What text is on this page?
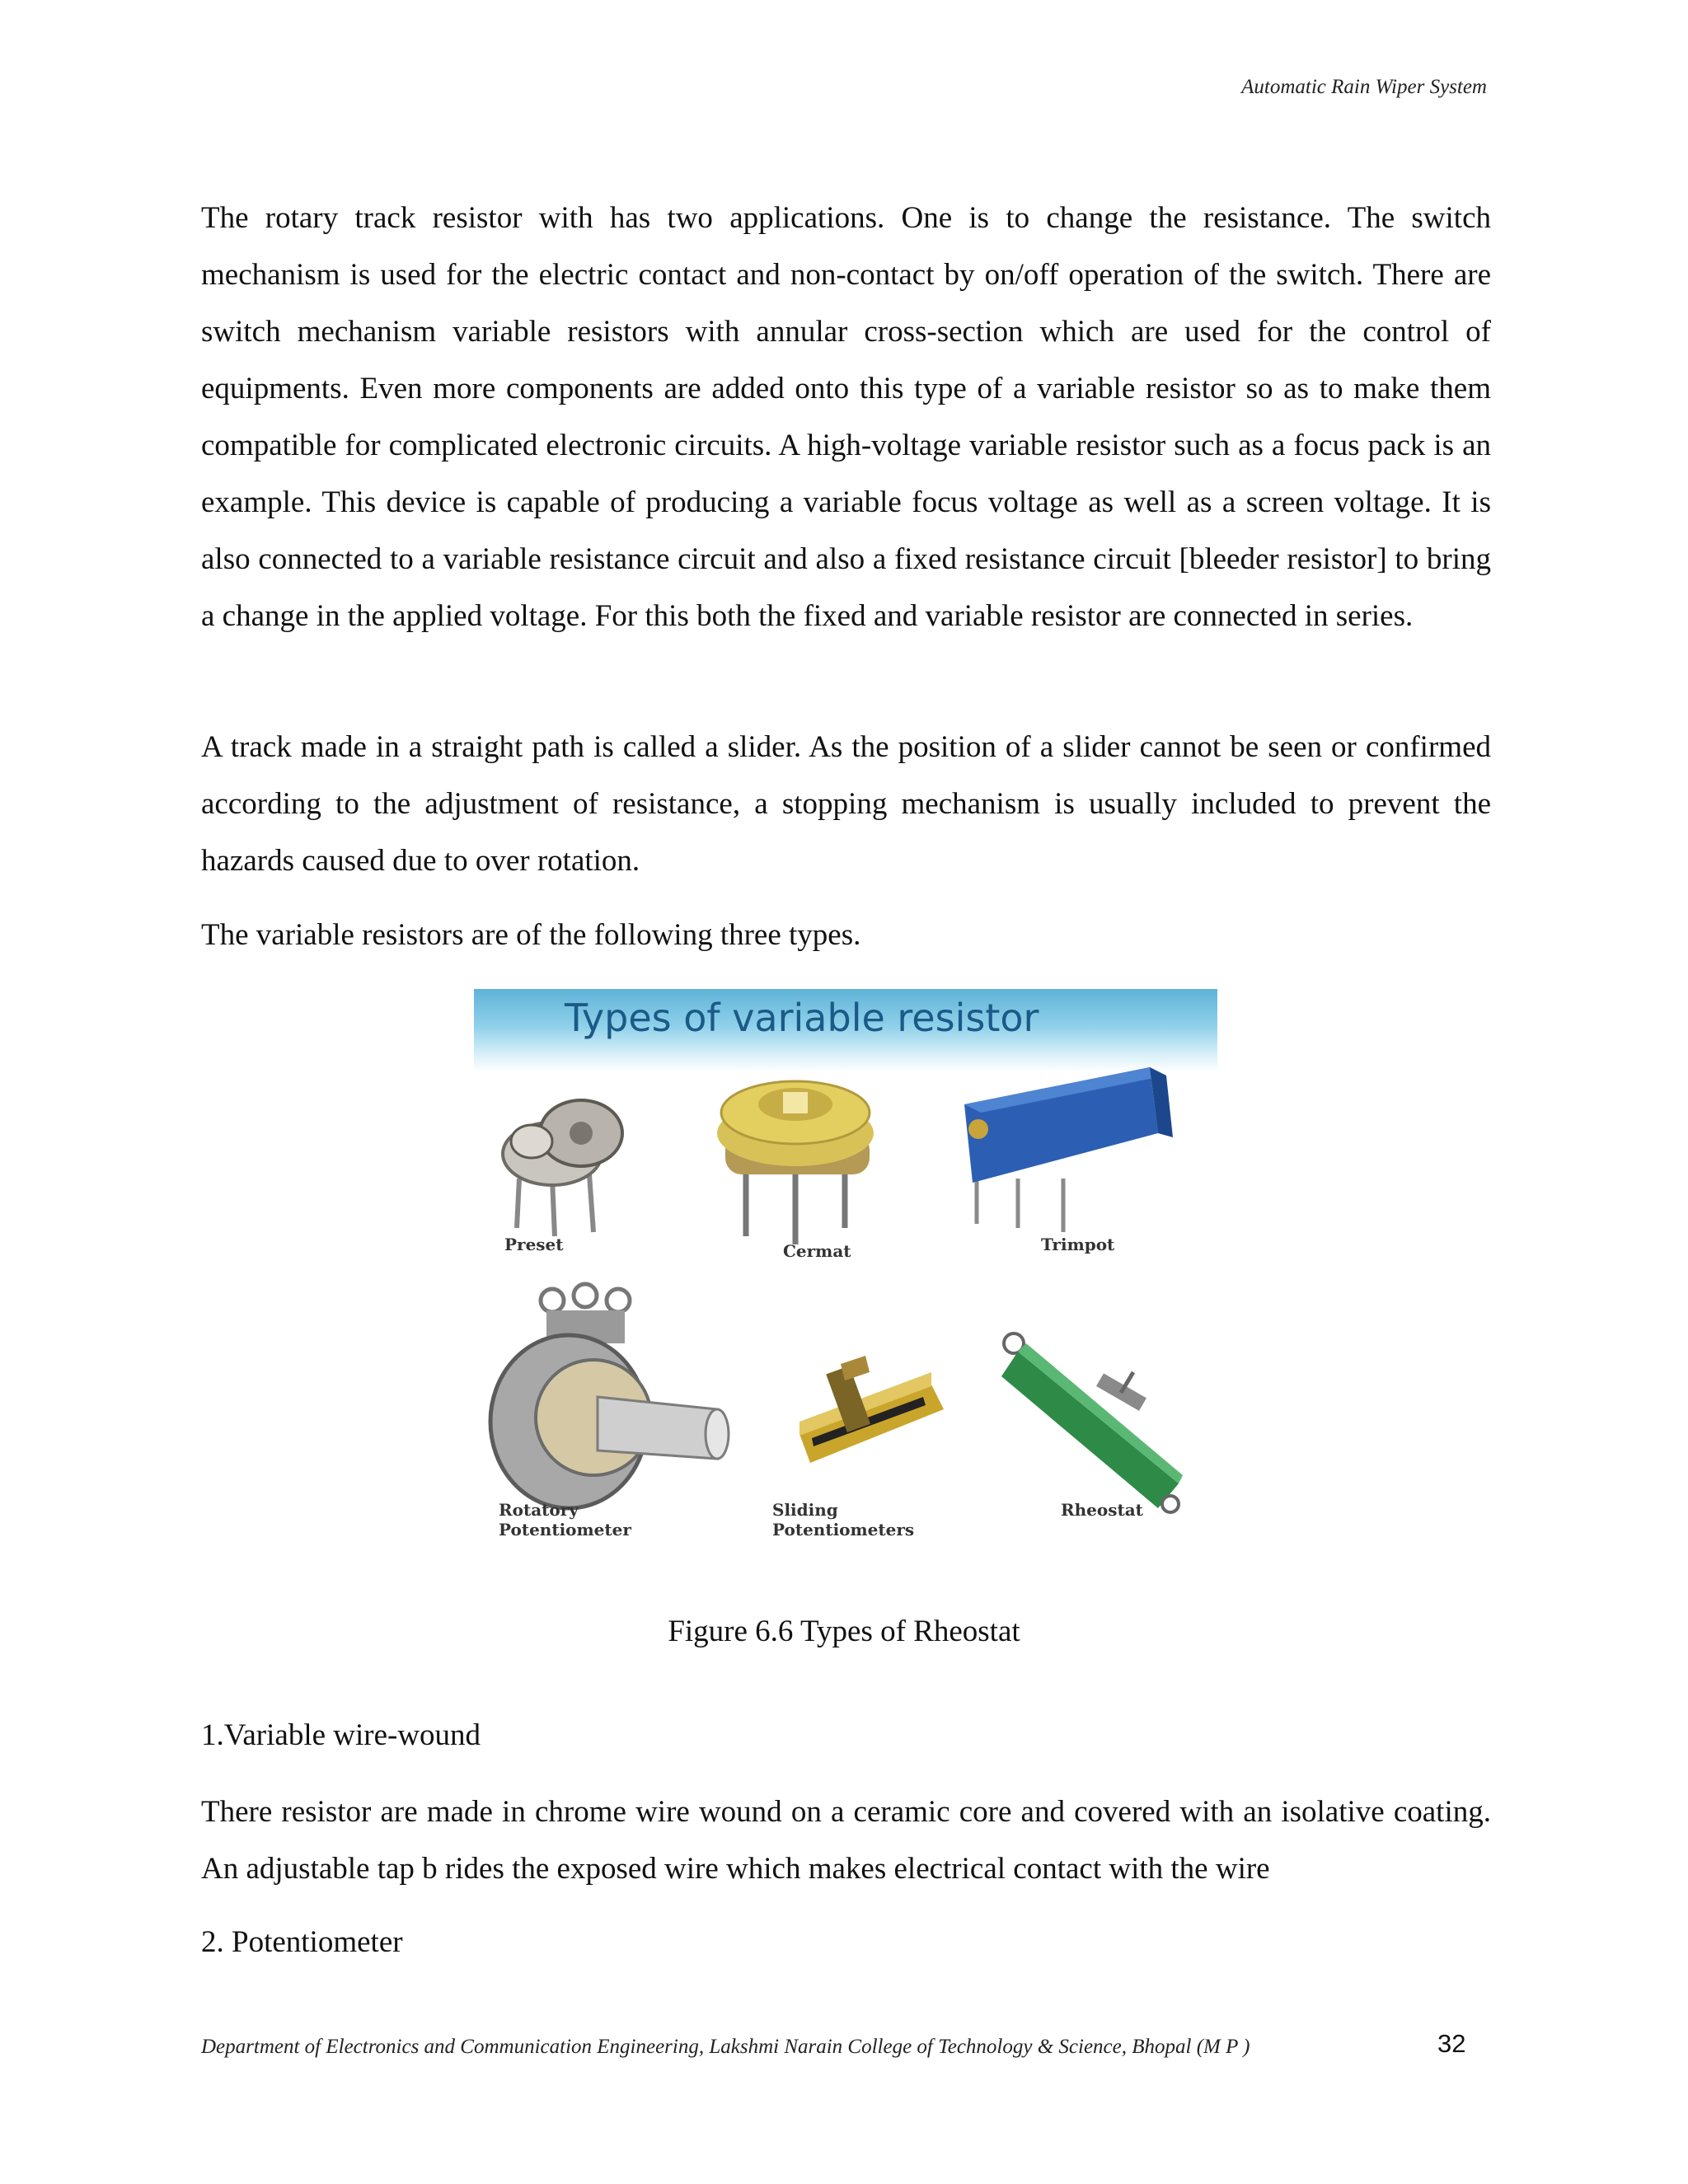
Automatic Rain Wiper System

The rotary track resistor with has two applications. One is to change the resistance. The switch mechanism is used for the electric contact and non-contact by on/off operation of the switch. There are switch mechanism variable resistors with annular cross-section which are used for the control of equipments. Even more components are added onto this type of a variable resistor so as to make them compatible for complicated electronic circuits. A high-voltage variable resistor such as a focus pack is an example. This device is capable of producing a variable focus voltage as well as a screen voltage. It is also connected to a variable resistance circuit and also a fixed resistance circuit [bleeder resistor] to bring a change in the applied voltage. For this both the fixed and variable resistor are connected in series.

A track made in a straight path is called a slider. As the position of a slider cannot be seen or confirmed according to the adjustment of resistance, a stopping mechanism is usually included to prevent the hazards caused due to over rotation.

The variable resistors are of the following three types.

Types of variable resistor
Preset	Cermat	Trimpot
Rotatory
Potentiometer
Sliding
Potentiometers
Rheostat
Figure 6.6 Types of Rheostat
1.Variable wire-wound

There resistor are made in chrome wire wound on a ceramic core and covered with an isolative coating. An adjustable tap b rides the exposed wire which makes electrical contact with the wire

2. Potentiometer
Department of Electronics and Communication Engineering, Lakshmi Narain College of Technology & Science, Bhopal (M P )	32
